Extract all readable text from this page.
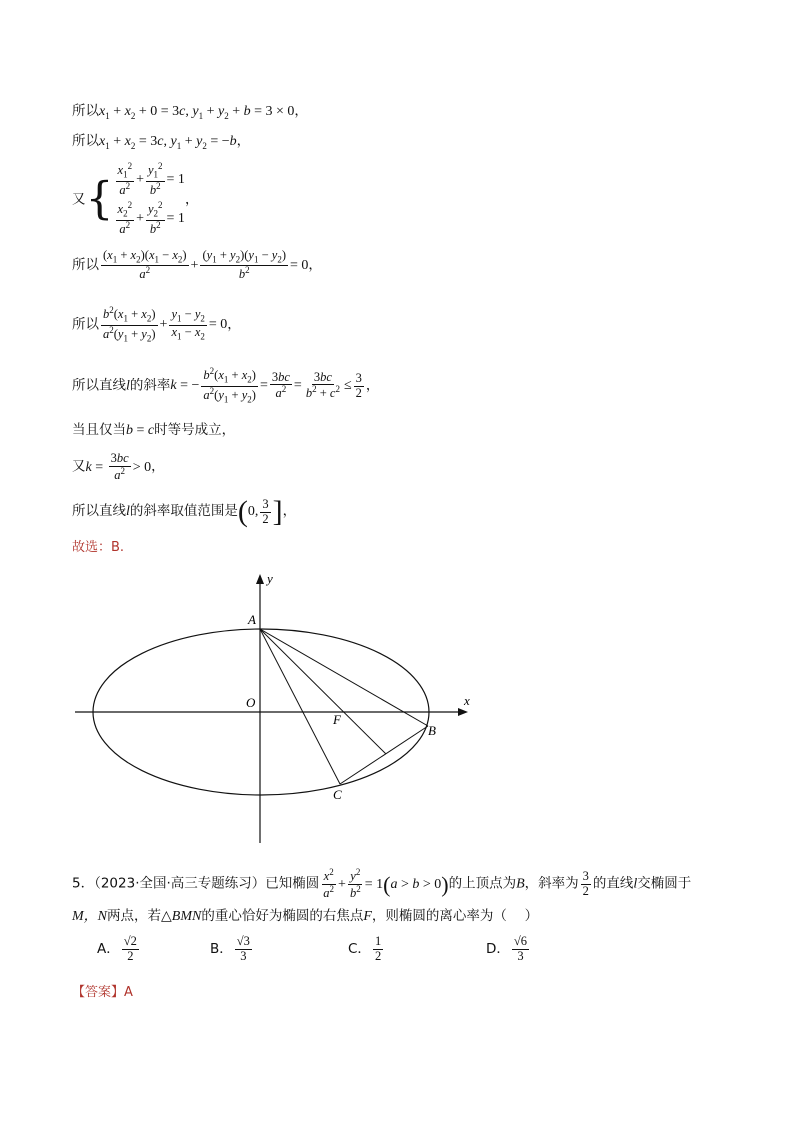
所以$x_1 + x_2 + 0 = 3c$, $y_1 + y_2 + b = 3 \times 0$，
所以$x_1 + x_2 = 3c$, $y_1 + y_2 = -b$，
又{ $\frac{x_1^2}{a^2} + \frac{y_1^2}{b^2} = 1$
$\frac{x_2^2}{a^2} + \frac{y_2^2}{b^2} = 1$
，
所以 $\frac{(x_1 + x_2)(x_1 - x_2)}{a^2} + \frac{(y_1 + y_2)(y_1 - y_2)}{b^2} = 0$，
所以 $\frac{b^2(x_1 + x_2)}{a^2(y_1 + y_2)} + \frac{y_1 - y_2}{x_1 - x_2} = 0$，
所以直线l的斜率k = − $\frac{b^2(x_1 + x_2)}{a^2(y_1 + y_2)} = \frac{3bc}{a^2} = \frac{3bc}{b^2 + c^2} \le \frac{3}{2}$ ，
当且仅当b = c时等号成立，
又$k = \frac{3bc}{a^2} > 0$，
所以直线l的斜率取值范围是(0, $\frac{3}{2}$ ]，
故选：B.
y
x
A
O
F
B
C
5．（2023·全国·高三专题练习）已知椭圆 $\frac{x^2}{a^2} + \frac{y^2}{b^2} = 1(a > b > 0)$的上顶点为B，斜率为 $\frac{3}{2}$ 的直线l交椭圆于
M，N两点，若△BMN的重心恰好为椭圆的右焦点F，则椭圆的离心率为（　 ）
A． $\frac{√2}{2}$	B． $\frac{√3}{3}$	C． $\frac{1}{2}$	D． $\frac{√6}{3}$
【答案】A
